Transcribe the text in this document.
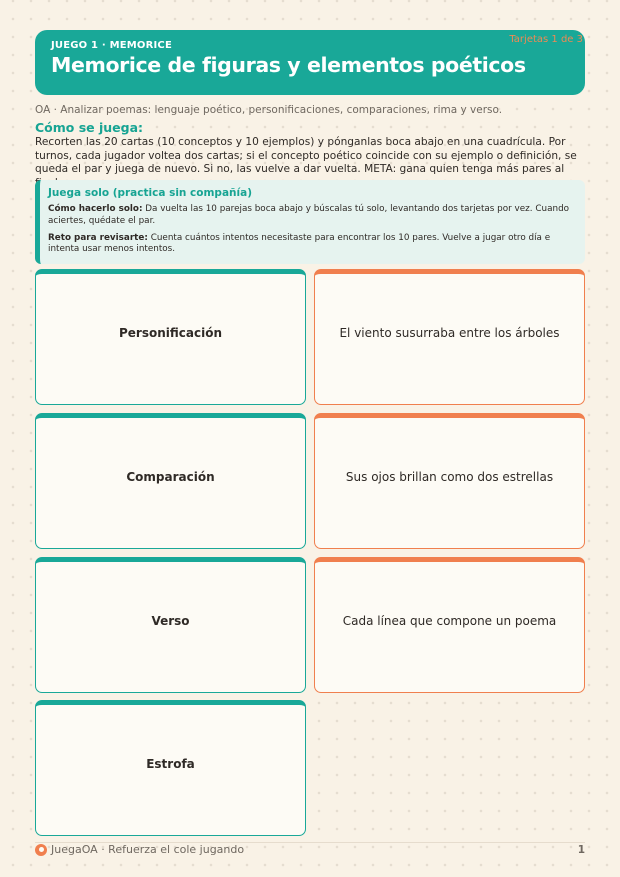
JUEGO 1 · MEMORICE
Memorice de figuras y elementos poéticos
Tarjetas 1 de 3
OA · Analizar poemas: lenguaje poético, personificaciones, comparaciones, rima y verso.
Cómo se juega:
Recorten las 20 cartas (10 conceptos y 10 ejemplos) y pónganlas boca abajo en una cuadrícula. Por turnos, cada jugador voltea dos cartas; si el concepto poético coincide con su ejemplo o definición, se queda el par y juega de nuevo. Si no, las vuelve a dar vuelta. META: gana quien tenga más pares al
Juega solo (practica sin compañía)
Cómo hacerlo solo: Da vuelta las 10 parejas boca abajo y búscalas tú solo, levantando dos tarjetas por vez. Cuando aciertes, quédate el par.
Reto para revisarte: Cuenta cuántos intentos necesitaste para encontrar los 10 pares. Vuelve a jugar otro día e intenta usar menos intentos.
Personificación	El viento susurraba entre los árboles
Comparación	Sus ojos brillan como dos estrellas
Verso	Cada línea que compone un poema
Estrofa
JuegaOA · Refuerza el cole jugando	1
